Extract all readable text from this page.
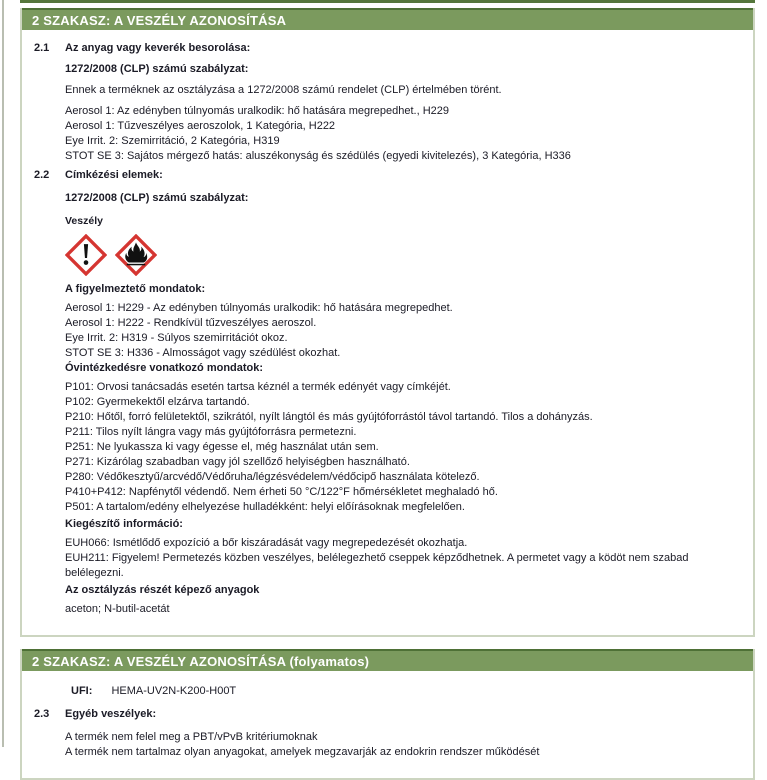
2 SZAKASZ: A VESZÉLY AZONOSÍTÁSA
2.1 Az anyag vagy keverék besorolása:
1272/2008 (CLP) számú szabályzat:
Ennek a terméknek az osztályzása a 1272/2008 számú rendelet (CLP) értelmében törént.

Aerosol 1: Az edényben túlnyomás uralkodik: hő hatására megrepedhet., H229

Aerosol 1: Tűzveszélyes aeroszolok, 1 Kategória, H222

Eye Irrit. 2: Szemirritáció, 2 Kategória, H319

STOT SE 3: Sajátos mérgező hatás: aluszékonyság és szédülés (egyedi kivitelezés), 3 Kategória, H336

2.2 Címkézési elemek:
1272/2008 (CLP) számú szabályzat:
Veszély
A figyelmeztető mondatok:

Aerosol 1: H229 - Az edényben túlnyomás uralkodik: hő hatására megrepedhet.

Aerosol 1: H222 - Rendkívül tűzveszélyes aeroszol.

Eye Irrit. 2: H319 - Súlyos szemirritációt okoz.

STOT SE 3: H336 - Almosságot vagy szédülést okozhat.

Óvintézkedésre vonatkozó mondatok:

P101: Orvosi tanácsadás esetén tartsa kéznél a termék edényét vagy címkéjét.

P102: Gyermekektől elzárva tartandó.

P210: Hőtől, forró felületektől, szikrától, nyílt lángtól és más gyújtóforrástól távol tartandó. Tilos a dohányzás.

P211: Tilos nyílt lángra vagy más gyújtóforrásra permetezni.

P251: Ne lyukassza ki vagy égesse el, még használat után sem.

P271: Kizárólag szabadban vagy jól szellőző helyiségben használható.

P280: Védőkesztyű/arcvédő/Védőruha/légzésvédelem/védőcipő használata kötelező.

P410+P412: Napfénytől védendő. Nem érheti 50 °C/122°F hőmérsékletet meghaladó hő.

P501: A tartalom/edény elhelyezése hulladékként: helyi előírásoknak megfelelően.

Kiegészítő információ:

EUH066: Ismétlődő expozíció a bőr kiszáradását vagy megrepedezését okozhatja.

EUH211: Figyelem! Permetezés közben veszélyes, belélegezhető cseppek képződhetnek. A permetet vagy a ködöt nem szabad belélegezni.

Az osztályzás részét képező anyagok
aceton; N-butil-acetát
2 SZAKASZ: A VESZÉLY AZONOSÍTÁSA (folyamatos)
UFI: HEMA-UV2N-K200-H00T
2.3 Egyéb veszélyek:

A termék nem felel meg a PBT/vPvB kritériumoknak

A termék nem tartalmaz olyan anyagokat, amelyek megzavarják az endokrin rendszer működését
